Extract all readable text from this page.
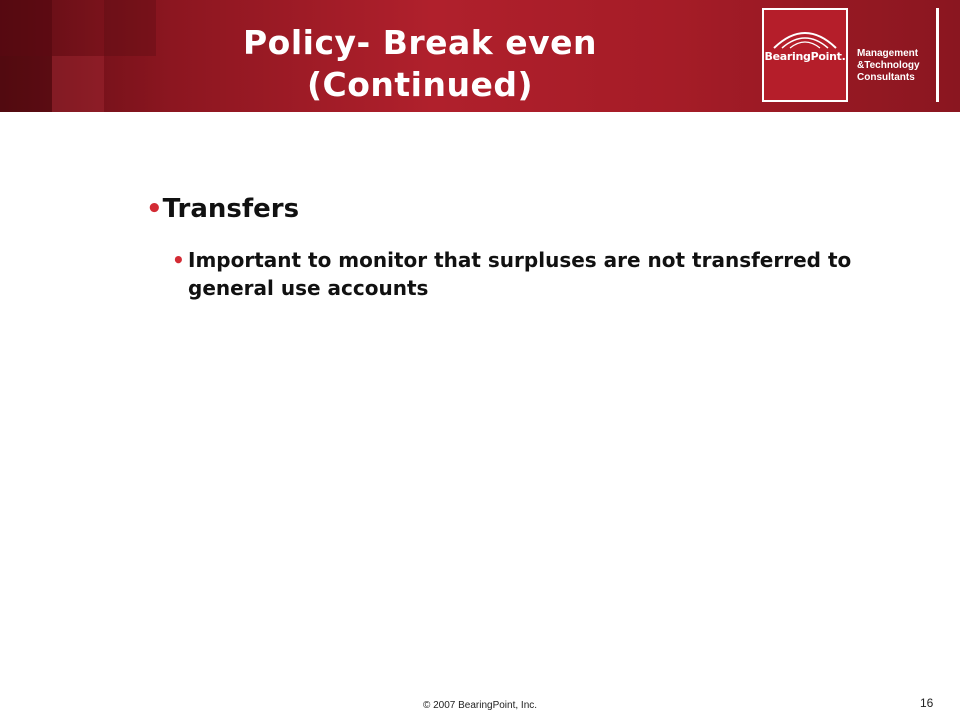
Policy- Break even
(Continued)
BearingPoint. Management
&Technology
Consultants
•Transfers
• Important to monitor that surpluses are not transferred to general use accounts
© 2007 BearingPoint, Inc.	16
